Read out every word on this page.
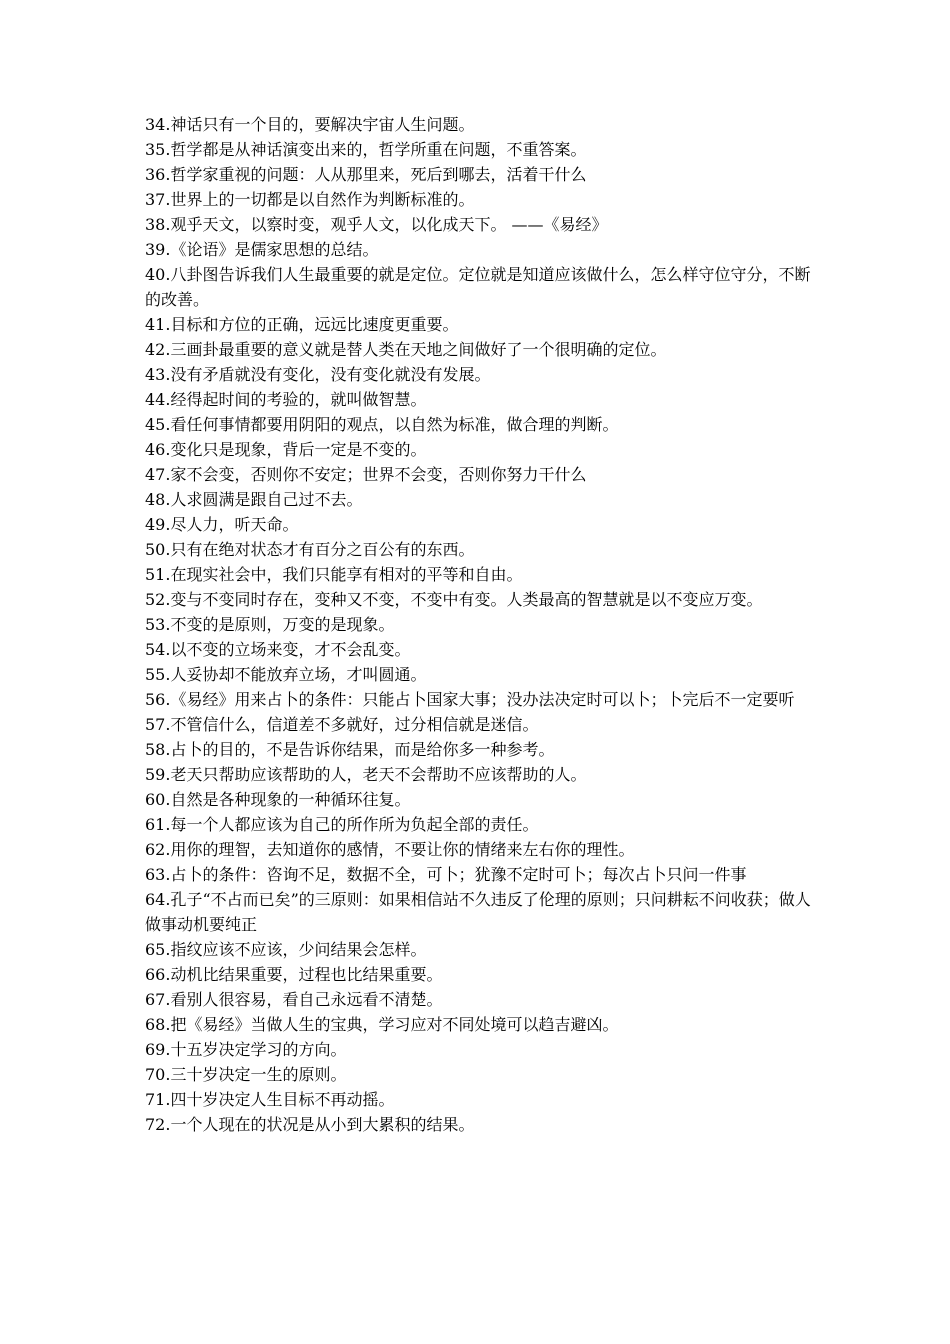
34.神话只有一个目的，要解决宇宙人生问题。

35.哲学都是从神话演变出来的，哲学所重在问题，不重答案。

36.哲学家重视的问题：人从那里来，死后到哪去，活着干什么

37.世界上的一切都是以自然作为判断标准的。

38.观乎天文，以察时变，观乎人文，以化成天下。 ——《易经》

39.《论语》是儒家思想的总结。

40.八卦图告诉我们人生最重要的就是定位。定位就是知道应该做什么，怎么样守位守分，不断的改善。

41.目标和方位的正确，远远比速度更重要。

42.三画卦最重要的意义就是替人类在天地之间做好了一个很明确的定位。

43.没有矛盾就没有变化，没有变化就没有发展。

44.经得起时间的考验的，就叫做智慧。

45.看任何事情都要用阴阳的观点，以自然为标准，做合理的判断。

46.变化只是现象，背后一定是不变的。

47.家不会变，否则你不安定；世界不会变，否则你努力干什么

48.人求圆满是跟自己过不去。

49.尽人力，听天命。

50.只有在绝对状态才有百分之百公有的东西。

51.在现实社会中，我们只能享有相对的平等和自由。

52.变与不变同时存在，变种又不变，不变中有变。人类最高的智慧就是以不变应万变。

53.不变的是原则，万变的是现象。

54.以不变的立场来变，才不会乱变。

55.人妥协却不能放弃立场，才叫圆通。

56.《易经》用来占卜的条件：只能占卜国家大事；没办法决定时可以卜；卜完后不一定要听

57.不管信什么，信道差不多就好，过分相信就是迷信。

58.占卜的目的，不是告诉你结果，而是给你多一种参考。

59.老天只帮助应该帮助的人，老天不会帮助不应该帮助的人。

60.自然是各种现象的一种循环往复。

61.每一个人都应该为自己的所作所为负起全部的责任。

62.用你的理智，去知道你的感情，不要让你的情绪来左右你的理性。

63.占卜的条件：咨询不足，数据不全，可卜；犹豫不定时可卜；每次占卜只问一件事

64.孔子“不占而已矣”的三原则：如果相信站不久违反了伦理的原则；只问耕耘不问收获；做人做事动机要纯正

65.指纹应该不应该，少问结果会怎样。

66.动机比结果重要，过程也比结果重要。

67.看别人很容易，看自己永远看不清楚。

68.把《易经》当做人生的宝典，学习应对不同处境可以趋吉避凶。

69.十五岁决定学习的方向。

70.三十岁决定一生的原则。

71.四十岁决定人生目标不再动摇。

72.一个人现在的状况是从小到大累积的结果。
